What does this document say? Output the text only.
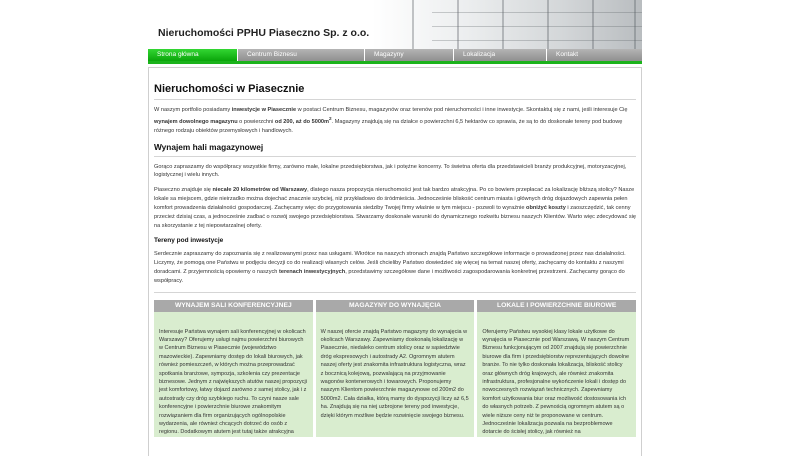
Nieruchomości PPHU Piaseczno Sp. z o.o.
Strona główna	Centrum Biznesu	Magazyny	Lokalizacja	Kontakt
Nieruchomości w Piasecznie

W naszym portfolio posiadamy inwestycje w Piasecznie w postaci Centrum Biznesu, magazynów oraz terenów pod nieruchomości i inne inwestycje. Skontaktuj się z nami, jeśli interesuje Cię wynajem dowolnego magazynu o powierzchni od 200, aż do $5000m^2$. Magazyny znajdują się na działce o powierzchni 6,5 hektarów co sprawia, że są to do doskonałe tereny pod budowę różnego rodzaju obiektów przemysłowych i handlowych.

Wynajem hali magazynowej

Gorąco zapraszamy do współpracy wszystkie firmy, zarówno małe, lokalne przedsiębiorstwa, jak i potężne koncerny. To świetna oferta dla przedstawicieli branży produkcyjnej, motoryzacyjnej, logistycznej i wielu innych.

Piaseczno znajduje się niecałe 20 kilometrów od Warszawy, dlatego nasza propozycja nieruchomości jest tak bardzo atrakcyjna. Po co bowiem przepłacać za lokalizację bliższą stolicy? Nasze lokale sa miejscem, gdzie nieirzadko można dojechać znacznie szybciej, niż przykładowo do śródmieścia. Jednocześnie bliskość centrum miasta i głównych dróg dojazdowych zapewnia pełen komfort prowadzenia działalności gospodarczej. Zachęcamy więc do przygotowania siedziby Twojej firmy właśnie w tym miejscu - pozwoli to wyraźnie obniżyć koszty i zaoszczędzić, tak cenny przecież dzisiaj czas, a jednocześnie zadbać o rozwój swojego przedsiębiorstwa. Stwarzamy doskonałe warunki do dynamicznego rozkwitu biznesu naszych Klientów. Warto więc zdecydować się na skorzystanie z tej niepowtarzalnej oferty.

Tereny pod inwestycje

Serdecznie zapraszamy do zapoznania się z realizowanymi przez nas usługami. Wkrótce na naszych stronach znajdą Państwo szczegółowe informacje o prowadzonej przez nas działalności. Liczymy, że pomogą one Państwu w podjęciu decyzji co do realizacji własnych celów. Jeśli chcieliby Państwo dowiedzieć się więcej na temat naszej oferty, zachęcamy do kontaktu z naszymi doradcami. Z przyjemnością opowiemy o naszych terenach inwestycyjnych, przedstawimy szczegółowe dane i możliwości zagospodarowania konkretnej przestrzeni. Zachęcamy gorąco do współpracy.

WYNAJEM SALI KONFERENCYJNEJ
Interesuje Państwa wynajem sali konferencyjnej w okolicach Warszawy? Oferujemy usługi najmu powierzchni biurowych w Centrum Biznesu w Piasecznie (województwo mazowieckie). Zapewniamy dostęp do lokali biurowych, jak również pomieszczeń, w których można przeprowadzać spotkania branżowe, sympozja, szkolenia czy prezentacje biznesowe. Jednym z największych atutów naszej propozycji jest komfortowy, łatwy dojazd zarówno z samej stolicy, jak i z autostrady czy dróg szybkiego ruchu. To czyni nasze sale konferencyjne i powierzchnie biurowe znakomitym rozwiązaniem dla firm organizujących ogólnopolskie wydarzenia, ale również chcących dotrzeć do osób z regionu. Dodatkowym atutem jest tutaj także atrakcyjna
MAGAZYNY DO WYNAJĘCIA
W naszej ofercie znajdą Państwo magazyny do wynajęcia w okolicach Warszawy. Zapewniamy doskonałą lokalizację w Piasecznie, niedaleko centrum stolicy oraz w sąsiedztwie dróg ekspresowych i autostrady A2. Ogromnym atutem naszej oferty jest znakomita infrastruktura logistyczna, wraz z bocznicą kolejową, pozwalającą na przyjmowanie wagonów kontenerowych i towarowych. Proponujemy naszym Klientom powierzchnie magazynowe od 200m2 do 5000m2. Cała działka, którą mamy do dyspozycji liczy aż 6,5 ha. Znajdują się na niej uzbrojone tereny pod inwestycje, dzięki którym możliwe będzie rozwinięcie swojego biznesu.
LOKALE I POWIERZCHNIE BIUROWE
Oferujemy Państwu wysokiej klasy lokale użytkowe do wynajęcia w Piasecznie pod Warszawą. W naszym Centrum Biznesu funkcjonującym od 2007 znajdują się powierzchnie biurowe dla firm i przedsiębiorstw reprezentujących dowolne branże. To nie tylko doskonała lokalizacja, bliskość stolicy oraz głównych dróg krajowych, ale również znakomita infrastruktura, profesjonalne wykończenie lokali i dostęp do nowoczesnych rozwiązań technicznych. Zapewniamy komfort użytkowania biur oraz możliwość dostosowania ich do własnych potrzeb. Z pewnością ogromnym atutem są o wiele niższe ceny niż te proponowane w centrum. Jednocześnie lokalizacja pozwala na bezproblemowe dotarcie do ścisłej stolicy, jak również na
